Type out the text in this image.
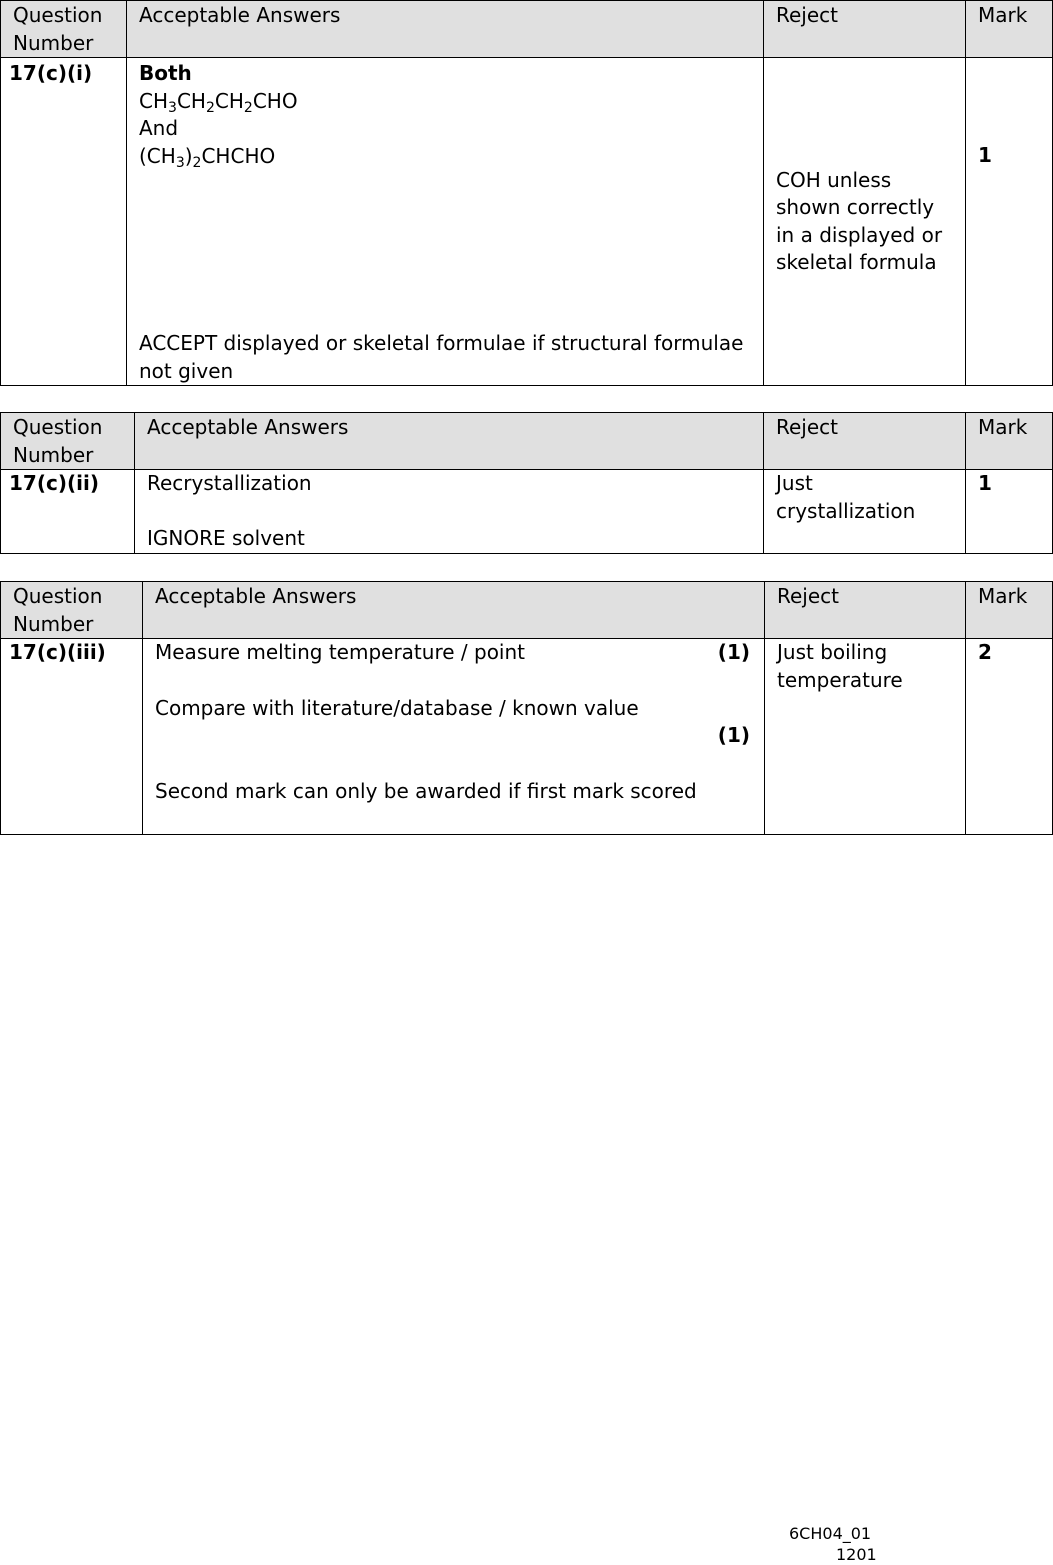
Question Number	Acceptable Answers	Reject	Mark
17(c)(i)	Both
$CH_3CH_2CH_2CHO$
And
$(CH_3)_2CHCHO$
ACCEPT displayed or skeletal formulae if structural formulae not given	COH unless shown correctly in a displayed or skeletal formula	1
Question Number	Acceptable Answers	Reject	Mark
17(c)(ii)	Recrystallization
IGNORE solvent	Just crystallization	1
Question Number	Acceptable Answers	Reject	Mark
17(c)(iii)	Measure melting temperature / point (1)
Compare with literature/database / known value
(1)
Second mark can only be awarded if first mark scored	Just boiling temperature	2
6CH04_01
1201
